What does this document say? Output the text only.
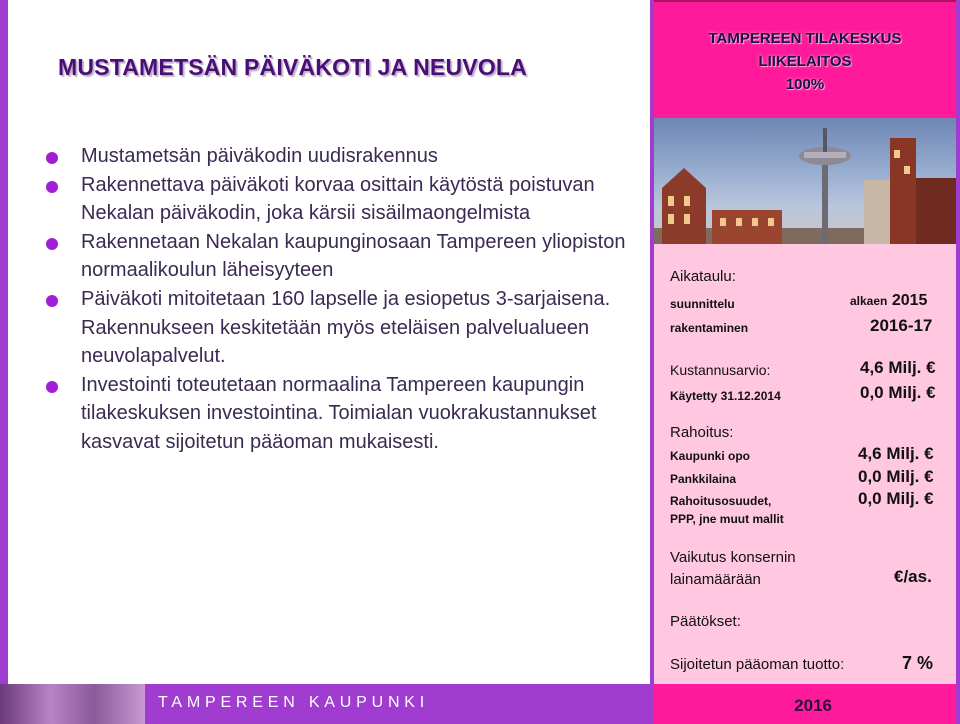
MUSTAMETSÄN PÄIVÄKOTI JA NEUVOLA
Mustametsän päiväkodin uudisrakennus
Rakennettava päiväkoti korvaa osittain käytöstä poistuvan Nekalan päiväkodin, joka kärsii sisäilmaongelmista
Rakennetaan Nekalan kaupunginosaan Tampereen yliopiston normaalikoulun läheisyyteen
Päiväkoti mitoitetaan 160 lapselle ja esiopetus 3-sarjaisena. Rakennukseen keskitetään myös eteläisen palvelualueen neuvolapalvelut.
Investointi toteutetaan normaalina Tampereen kaupungin tilakeskuksen investointina. Toimialan vuokrakustannukset kasvavat sijoitetun pääoman mukaisesti.
TAMPEREEN KAUPUNKI
TAMPEREEN TILAKESKUS
LIIKELAITOS
100%
Aikataulu:
suunnittelu	alkaen 2015
rakentaminen	2016-17
Kustannusarvio:	4,6 Milj. €
Käytetty 31.12.2014	0,0 Milj. €
Rahoitus:
Kaupunki opo	4,6 Milj. €
Pankkilaina	0,0 Milj. €
Rahoitusosuudet,	0,0 Milj. €
PPP, jne muut mallit
Vaikutus konsernin
lainamäärään	€/as.
Päätökset:
Sijoitetun pääoman tuotto:	7 %
2016
